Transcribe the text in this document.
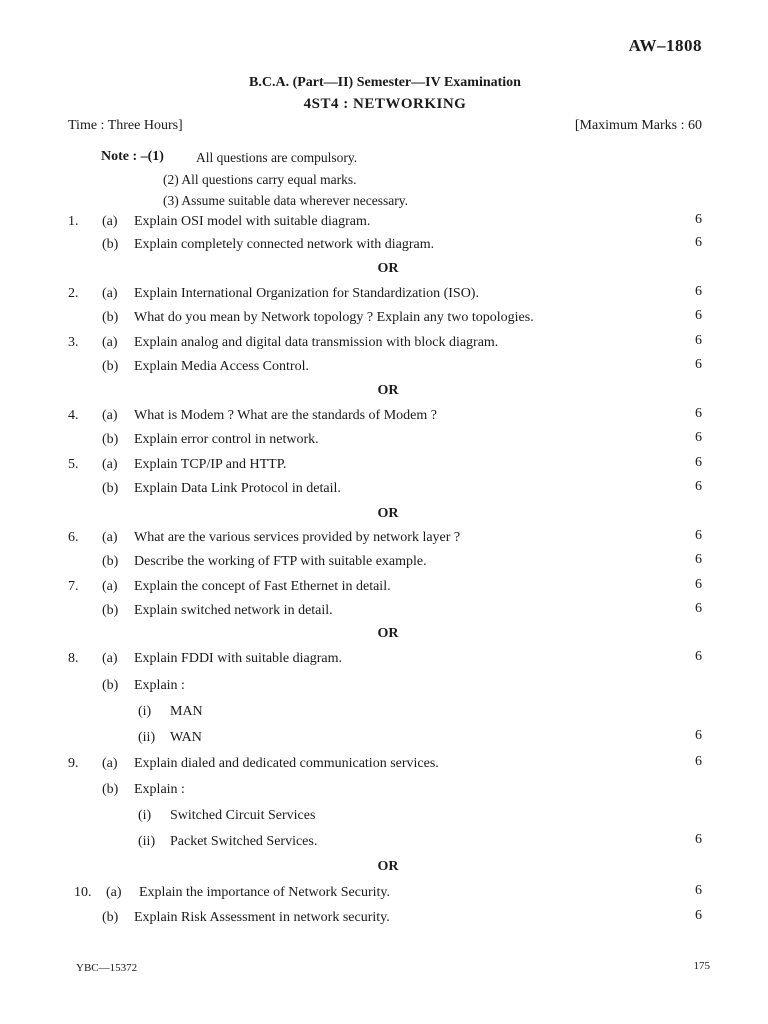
AW–1808
B.C.A. (Part—II) Semester—IV Examination
4ST4 : NETWORKING
Time : Three Hours]	[Maximum Marks : 60
Note : –(1) All questions are compulsory.
(2) All questions carry equal marks.
(3) Assume suitable data wherever necessary.
1. (a) Explain OSI model with suitable diagram.	6
(b) Explain completely connected network with diagram.	6
2. (a) Explain International Organization for Standardization (ISO).	6
(b) What do you mean by Network topology ? Explain any two topologies.	6
3. (a) Explain analog and digital data transmission with block diagram.	6
(b) Explain Media Access Control.	6
4. (a) What is Modem ? What are the standards of Modem ?	6
(b) Explain error control in network.	6
5. (a) Explain TCP/IP and HTTP.	6
(b) Explain Data Link Protocol in detail.	6
6. (a) What are the various services provided by network layer ?	6
(b) Describe the working of FTP with suitable example.	6
7. (a) Explain the concept of Fast Ethernet in detail.	6
(b) Explain switched network in detail.	6
8. (a) Explain FDDI with suitable diagram.	6
(b) Explain :
(i) MAN
(ii) WAN	6
9. (a) Explain dialed and dedicated communication services.	6
(b) Explain :
(i) Switched Circuit Services
(ii) Packet Switched Services.	6
10. (a) Explain the importance of Network Security.	6
(b) Explain Risk Assessment in network security.	6
OR
OR
OR
OR
OR
YBC—15372	175
